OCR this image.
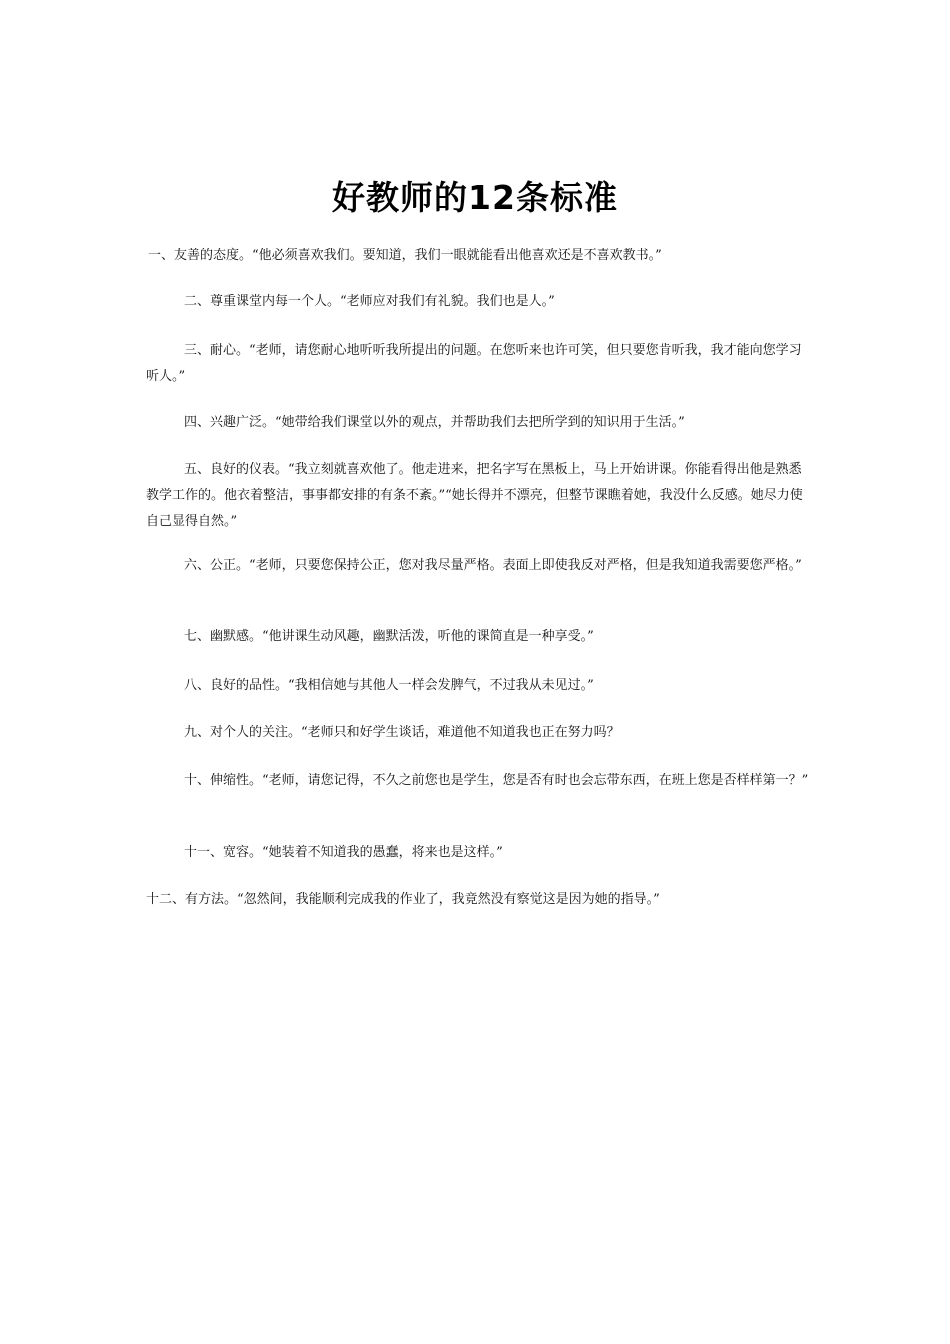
好教师的12条标准

一、友善的态度。“他必须喜欢我们。要知道，我们一眼就能看出他喜欢还是不喜欢教书。”

二、尊重课堂内每一个人。“老师应对我们有礼貌。我们也是人。”

三、耐心。“老师，请您耐心地听听我所提出的问题。在您听来也许可笑，但只要您肯听我，我才能向您学习听人。”

四、兴趣广泛。“她带给我们课堂以外的观点，并帮助我们去把所学到的知识用于生活。”

五、良好的仪表。“我立刻就喜欢他了。他走进来，把名字写在黑板上，马上开始讲课。你能看得出他是熟悉教学工作的。他衣着整洁，事事都安排的有条不紊。”“她长得并不漂亮，但整节课瞧着她，我没什么反感。她尽力使自己显得自然。”

六、公正。“老师，只要您保持公正，您对我尽量严格。表面上即使我反对严格，但是我知道我需要您严格。”

七、幽默感。“他讲课生动风趣，幽默活泼，听他的课简直是一种享受。”

八、良好的品性。“我相信她与其他人一样会发脾气，不过我从未见过。”

九、对个人的关注。“老师只和好学生谈话，难道他不知道我也正在努力吗？

十、伸缩性。“老师，请您记得，不久之前您也是学生，您是否有时也会忘带东西，在班上您是否样样第一？”

十一、宽容。“她装着不知道我的愚蠢，将来也是这样。”

十二、有方法。“忽然间，我能顺利完成我的作业了，我竟然没有察觉这是因为她的指导。”
